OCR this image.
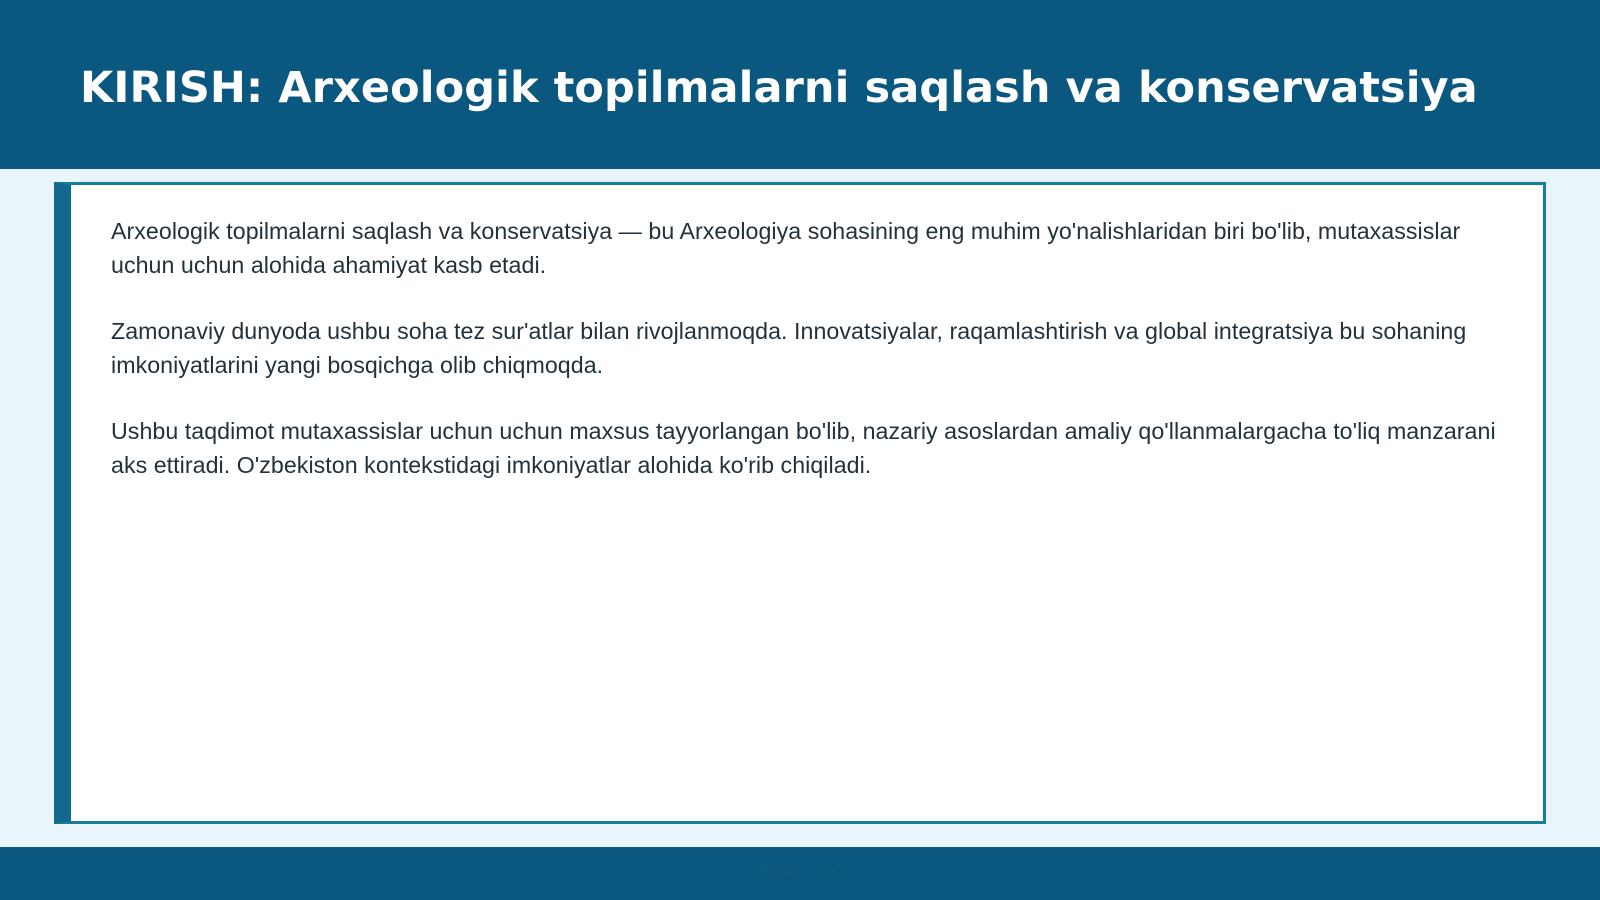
KIRISH: Arxeologik topilmalarni saqlash va konservatsiya

Arxeologik topilmalarni saqlash va konservatsiya — bu Arxeologiya sohasining eng muhim yo'nalishlaridan biri bo'lib, mutaxassislar uchun uchun alohida ahamiyat kasb etadi.

Zamonaviy dunyoda ushbu soha tez sur'atlar bilan rivojlanmoqda. Innovatsiyalar, raqamlashtirish va global integratsiya bu sohaning imkoniyatlarini yangi bosqichga olib chiqmoqda.

Ushbu taqdimot mutaxassislar uchun uchun maxsus tayyorlangan bo'lib, nazariy asoslardan amaliy qo'llanmalargacha to'liq manzarani aks ettiradi. O'zbekiston kontekstidagi imkoniyatlar alohida ko'rib chiqiladi.

Slayd 2 / 20
